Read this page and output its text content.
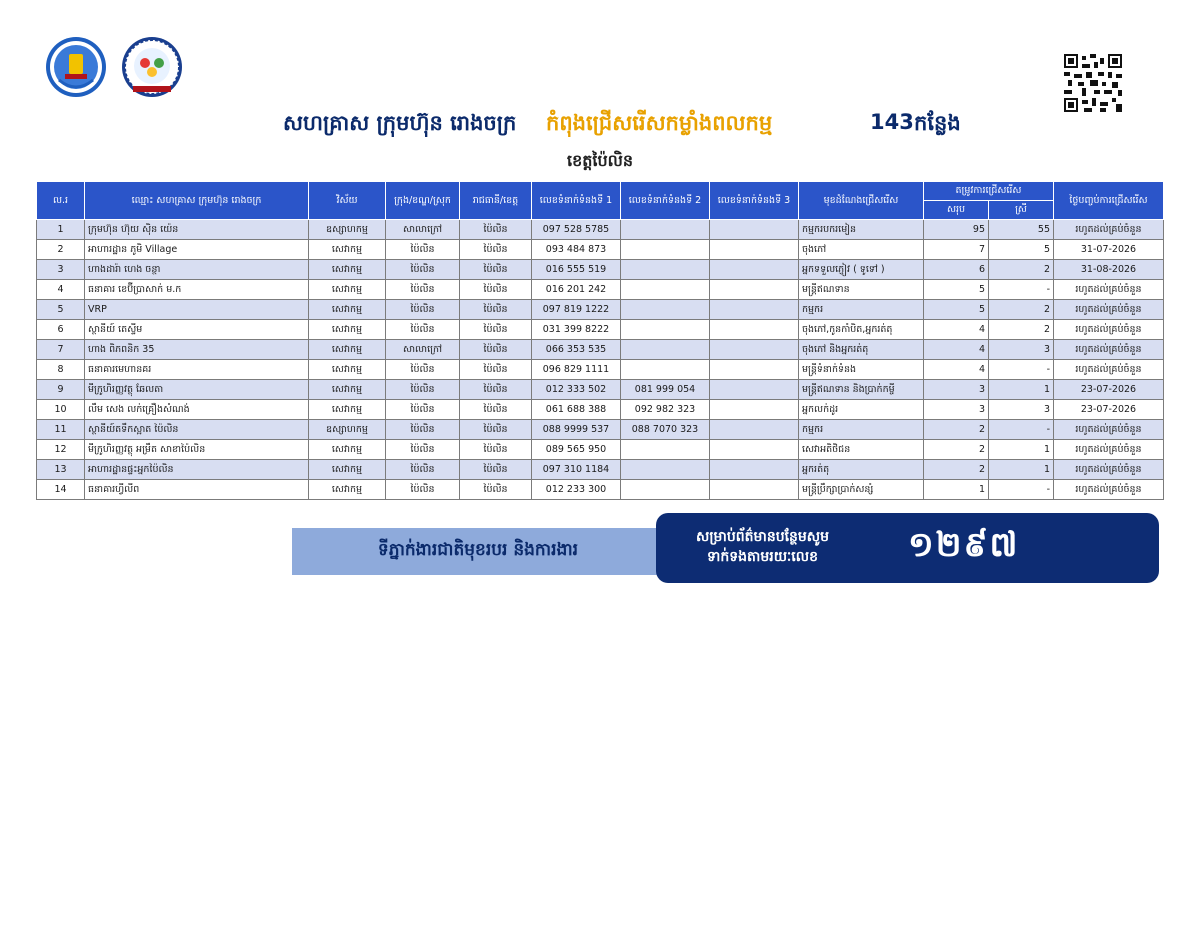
សហគ្រាស ក្រុមហ៊ុន រោងចក្រ កំពុងជ្រើសរើសកម្លាំងពលកម្ម	143 កន្លែង
ខេត្តប៉ៃលិន
ល.រ	ឈ្មោះ សហគ្រាស ក្រុមហ៊ុន រោងចក្រ	វិស័យ	ក្រុង/ខណ្ឌ/ស្រុក	រាជធានី/ខេត្ត	លេខទំនាក់ទំនងទី 1	លេខទំនាក់ទំនងទី 2	លេខទំនាក់ទំនងទី 3	មុខដំណែងជ្រើសរើស	តម្រូវការជ្រើសរើស		ថ្ងៃបញ្ចប់ការជ្រើសរើស
									សរុប	ស្រី	
1	ក្រុមហ៊ុន ហ៊ុយ ស៊ិន យ៉េន	ឧស្សាហកម្ម	សាលាក្រៅ	ប៉ៃលិន	097 528 5785			កម្មករបករមៀន	95	55	រហូតដល់គ្រប់ចំនួន
2	អាហារដ្ឋាន ភូមិ Village	សេវាកម្ម	ប៉ៃលិន	ប៉ៃលិន	093 484 873			ចុងភៅ	7	5	31-07-2026
3	ហាងដារ៉ា ហេង ចន្ថា	សេវាកម្ម	ប៉ៃលិន	ប៉ៃលិន	016 555 519			អ្នកទទួលភ្ញៀវ ( ទូទៅ )	6	2	31-08-2026
4	ធនាគារ ខេប៊ីប្រាសាក់ ម.ក	សេវាកម្ម	ប៉ៃលិន	ប៉ៃលិន	016 201 242			មន្ត្រីឥណទាន	5	-	រហូតដល់គ្រប់ចំនួន
5	VRP	សេវាកម្ម	ប៉ៃលិន	ប៉ៃលិន	097 819 1222			កម្មករ	5	2	រហូតដល់គ្រប់ចំនួន
6	ស្ថានីយ៍ តេស្ទីម	សេវាកម្ម	ប៉ៃលិន	ប៉ៃលិន	031 399 8222			ចុងភៅ,កូនកាំបិត,អ្នករត់តុ	4	2	រហូតដល់គ្រប់ចំនួន
7	ហាង ពិភពនិក 35	សេវាកម្ម	សាលាក្រៅ	ប៉ៃលិន	066 353 535			ចុងភៅ និងអ្នករត់តុ	4	3	រហូតដល់គ្រប់ចំនួន
8	ធនាគារមេហានគរ	សេវាកម្ម	ប៉ៃលិន	ប៉ៃលិន	096 829 1111			មន្ត្រីទំនាក់ទំនង	4	-	រហូតដល់គ្រប់ចំនួន
9	មីក្រូហិរញ្ញវត្ថុ ឆែលតា	សេវាកម្ម	ប៉ៃលិន	ប៉ៃលិន	012 333 502	081 999 054		មន្ត្រីឥណទាន និងប្រាក់កម្ចី	3	1	23-07-2026
10	លឹម សេង លក់គ្រឿងសំណង់	សេវាកម្ម	ប៉ៃលិន	ប៉ៃលិន	061 688 388	092 982 323		អ្នកលក់ដូរ	3	3	23-07-2026
11	ស្ថានីយ៍តទឹកស្អាត ប៉ៃលិន	ឧស្សាហកម្ម	ប៉ៃលិន	ប៉ៃលិន	088 9999 537	088 7070 323		កម្មករ	2	-	រហូតដល់គ្រប់ចំនួន
12	មីក្រូហិរញ្ញវត្ថុ អម្រឹត សាខាប៉ៃលិន	សេវាកម្ម	ប៉ៃលិន	ប៉ៃលិន	089 565 950			សេវាអតិថិជន	2	1	រហូតដល់គ្រប់ចំនួន
13	អាហារដ្ឋានផ្ទះអ្នកប៉ៃលិន	សេវាកម្ម	ប៉ៃលិន	ប៉ៃលិន	097 310 1184			អ្នករត់តុ	2	1	រហូតដល់គ្រប់ចំនួន
14	ធនាគារហ្វីលីព	សេវាកម្ម	ប៉ៃលិន	ប៉ៃលិន	012 233 300			មន្ត្រីប្រឹក្សាប្រាក់សន្សំ	1	-	រហូតដល់គ្រប់ចំនួន
ទីភ្នាក់ងារជាតិមុខរបរ និងការងារ
សម្រាប់ព័ត៌មានបន្ថែមសូម
ទាក់ទងតាមរយៈលេខ	១២៩៧
